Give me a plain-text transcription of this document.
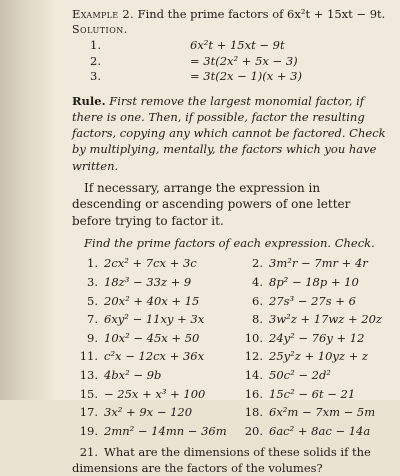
Example 2. Find the prime factors of 6x²t + 15xt − 9t.
Solution.
1.	6x²t + 15xt − 9t
2.	= 3t(2x² + 5x − 3)
3.	= 3t(2x − 1)(x + 3)
Rule. First remove the largest monomial factor, if there is one. Then, if possible, factor the resulting factors, copying any which cannot be factored. Check by multiplying, mentally, the factors which you have written.
If necessary, arrange the expression in descending or ascending powers of one letter before trying to factor it.
Find the prime factors of each expression. Check.
1. 2cx² + 7cx + 3c	2. 3m²r − 7mr + 4r
3. 18z³ − 33z + 9	4. 8p² − 18p + 10
5. 20x² + 40x + 15	6. 27s³ − 27s + 6
7. 6xy² − 11xy + 3x	8. 3w²z + 17wz + 20z
9. 10x² − 45x + 50	10. 24y² − 76y + 12
11. c²x − 12cx + 36x	12. 25y²z + 10yz + z
13. 4bx² − 9b	14. 50c² − 2d²
15. − 25x + x³ + 100	16. 15c² − 6t − 21
17. 3x² + 9x − 120	18. 6x²m − 7xm − 5m
19. 2mn² − 14mn − 36m	20. 6ac² + 8ac − 14a
21. What are the dimensions of these solids if the dimensions are the factors of the volumes?
